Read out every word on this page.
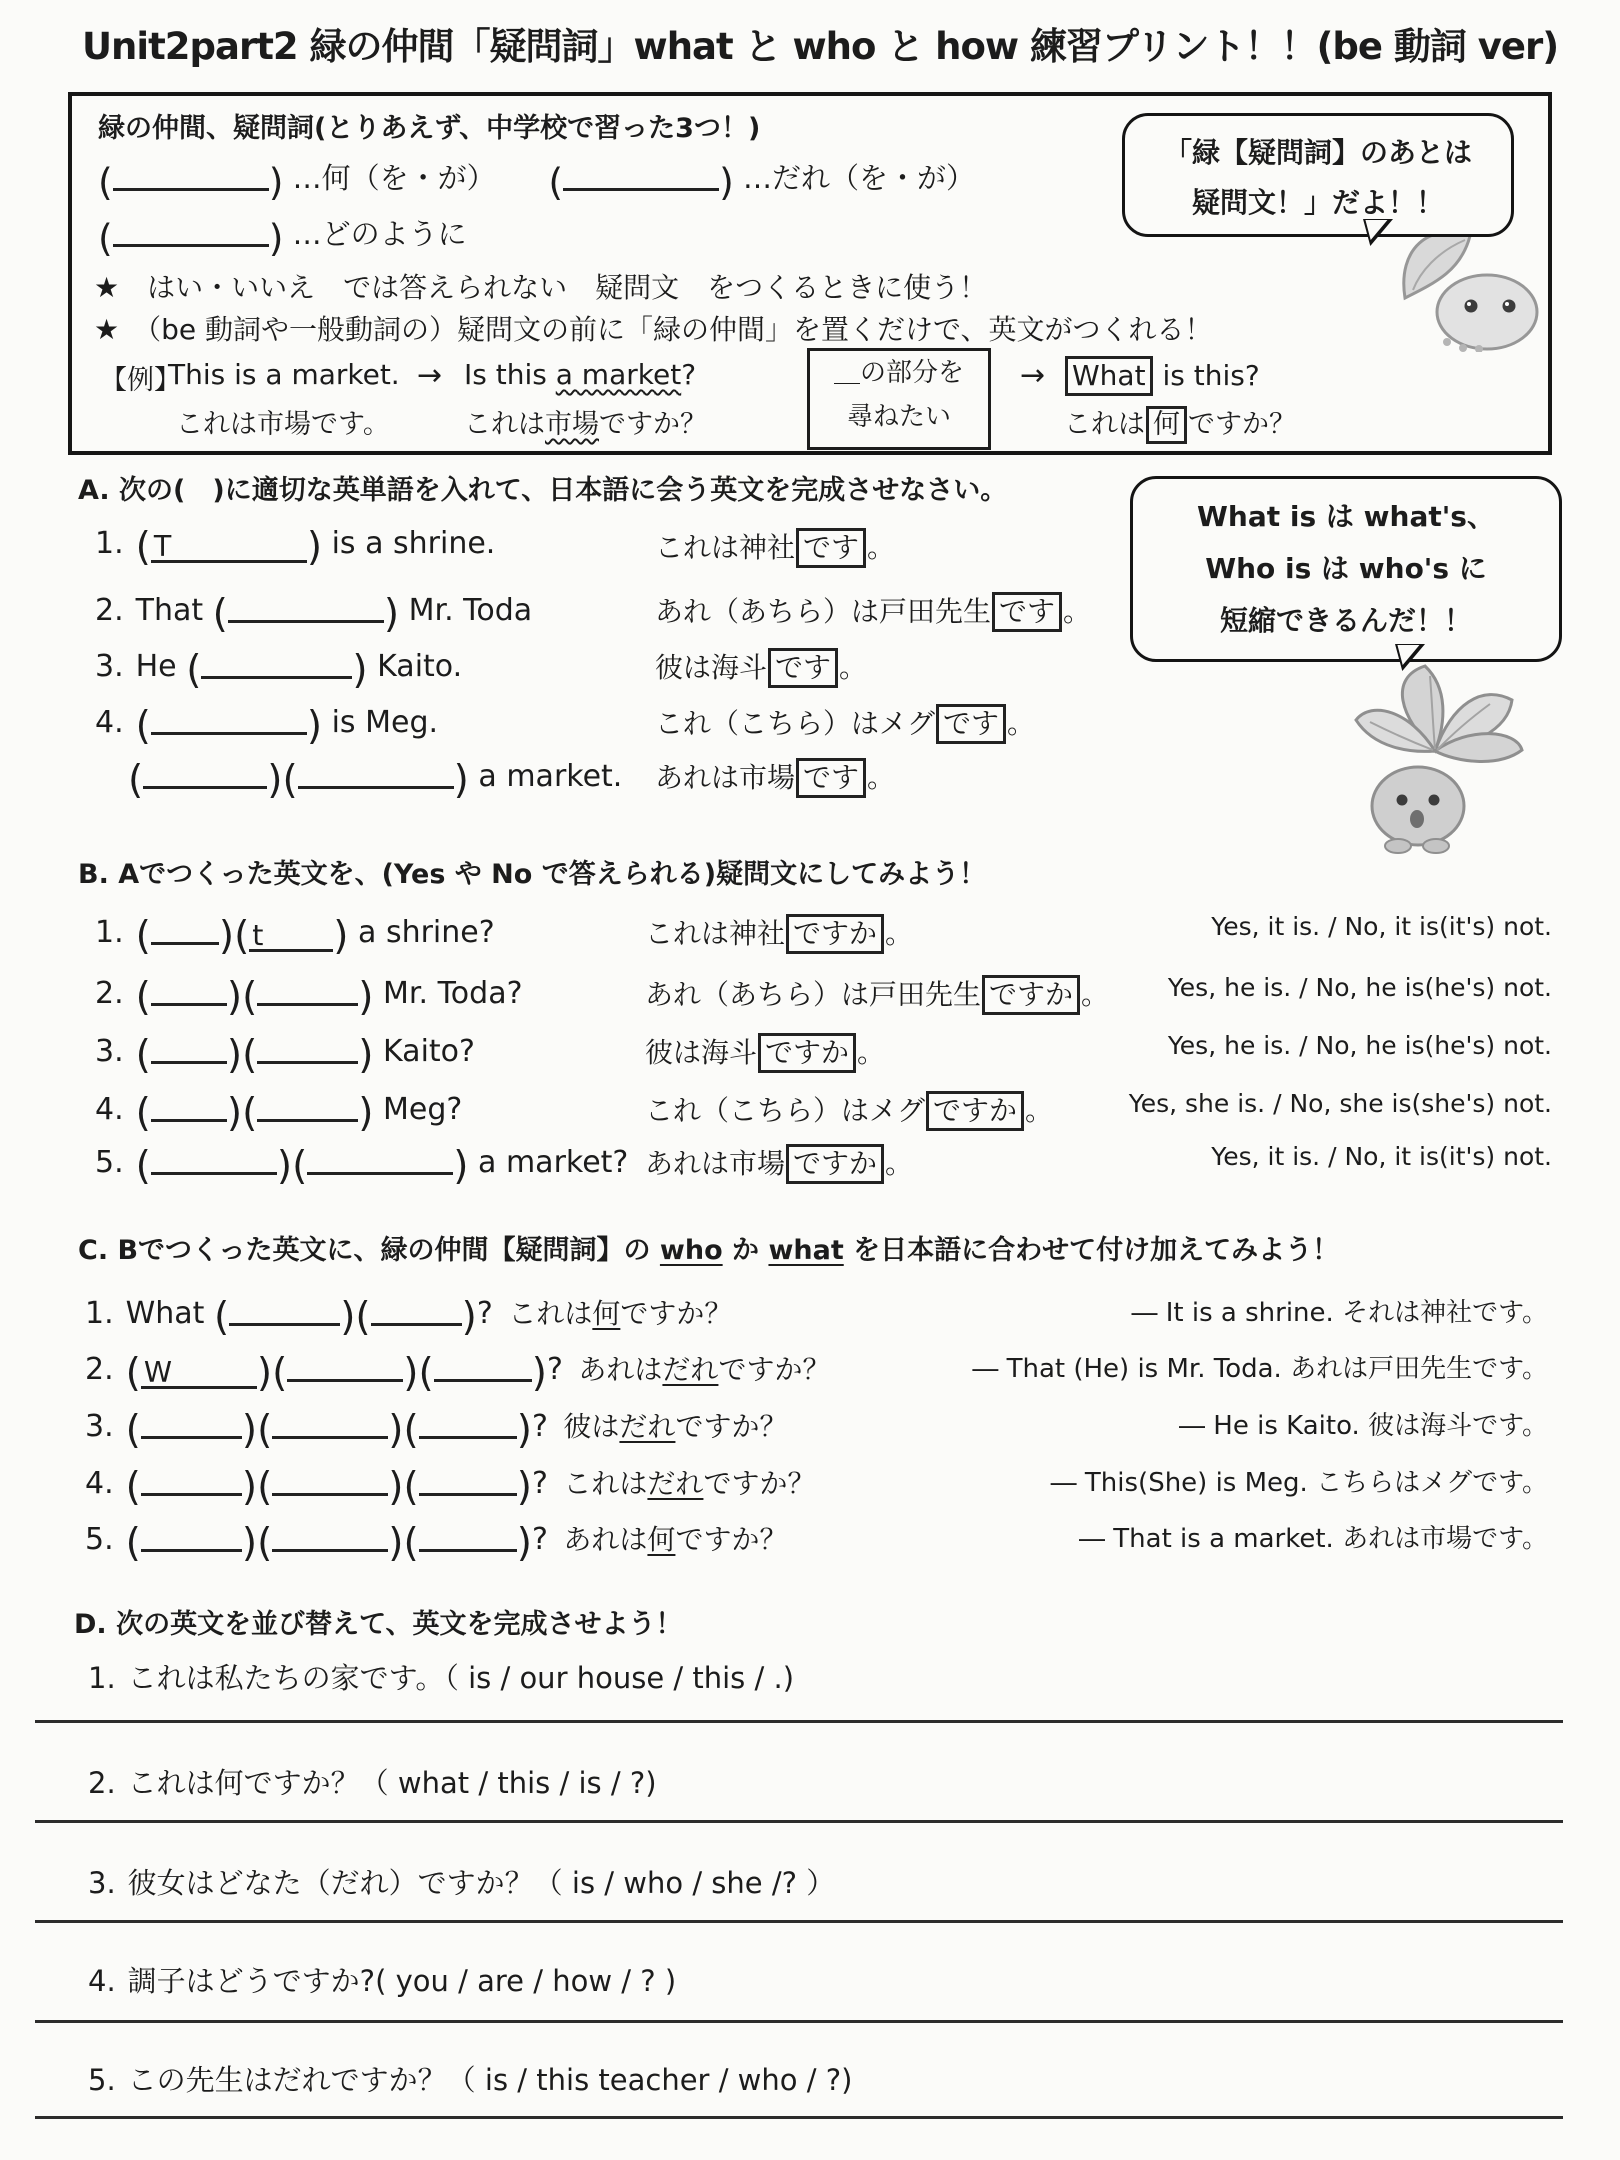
Unit2part2 緑の仲間「疑問詞」what と who と how 練習プリント！！(be 動詞 ver)
緑の仲間、疑問詞(とりあえず、中学校で習った3つ！)
(	) …何（を・が）　　 (	) …だれ（を・が）
(	) …どのように
★　はい・いいえ　では答えられない　疑問文　をつくるときに使う！
★　（be 動詞や一般動詞の）疑問文の前に「緑の仲間」を置くだけで、英文がつくれる！
【例】
This is a market.
これは市場です。
→ Is this a market?
これは市場ですか？
＿の部分を
尋ねたい
→ What is this?
これは 何 ですか？
「緑【疑問詞】のあとは
疑問文！」だよ！！
What is は what's、
Who is は who's に
短縮できるんだ！！
A. 次の(　)に適切な英単語を入れて、日本語に会う英文を完成させなさい。
1. ( T	) is a shrine.	これは神社 です 。
2. That (	) Mr. Toda	あれ（あちら）は戸田先生 です 。
3. He (	) Kaito.	彼は海斗 です 。
4. (	) is Meg.	これ（こちら）はメグ です 。
(	)(	) a market. あれは市場 です 。
B. Aでつくった英文を、(Yes や No で答えられる)疑問文にしてみよう！
1. ( )( t ) a shrine?	これは神社 ですか 。	Yes, it is. / No, it is(it's) not.
2. ( )(	) Mr. Toda?	あれ（あちら）は戸田先生 ですか 。 Yes, he is. / No, he is(he's) not.
3. ( )(	) Kaito?	彼は海斗 ですか 。	Yes, he is. / No, he is(he's) not.
4. ( )(	) Meg?	これ（こちら）はメグ ですか 。	Yes, she is. / No, she is(she's) not.
5. (	)(	) a market? あれは市場 ですか 。	Yes, it is. / No, it is(it's) not.
C. Bでつくった英文に、緑の仲間【疑問詞】の who か what を日本語に合わせて付け加えてみよう！
1. What (	)( )? これは何ですか？	― It is a shrine. それは神社です。
2. ( W )(	)(	)? あれはだれですか？	― That (He) is Mr. Toda. あれは戸田先生です。
3. (	)(	)(	)? 彼はだれですか？	― He is Kaito. 彼は海斗です。
4. (	)(	)(	)? これはだれですか？	― This(She) is Meg. こちらはメグです。
5. (	)(	)(	)? あれは何ですか？	― That is a market. あれは市場です。
D. 次の英文を並び替えて、英文を完成させよう！
1. これは私たちの家です。（ is / our house / this / .)
2. これは何ですか？（ what / this / is / ?)
3. 彼女はどなた（だれ）ですか？（ is / who / she /? ）
4. 調子はどうですか?( you / are / how / ? )
5. この先生はだれですか？（ is / this teacher / who / ?)
